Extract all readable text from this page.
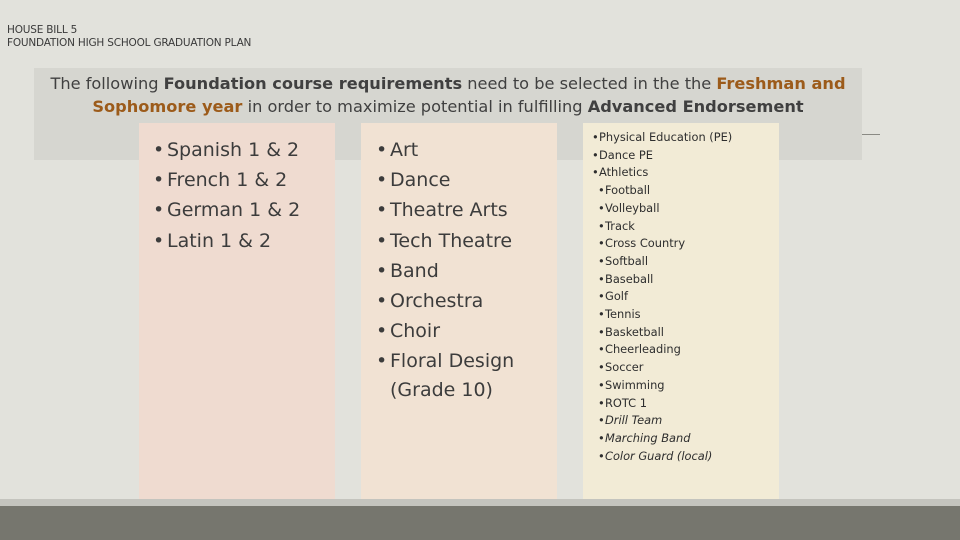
HOUSE BILL 5
FOUNDATION HIGH SCHOOL GRADUATION PLAN
The following Foundation course requirements need to be selected in the the Freshman and
Sophomore year in order to maximize potential in fulfilling Advanced Endorsement
• Spanish 1 & 2
• French 1 & 2
• German 1 & 2
• Latin 1 & 2
• Art
• Dance
• Theatre Arts
• Tech Theatre
• Band
• Orchestra
• Choir
• Floral Design
(Grade 10)
• Physical Education (PE)
• Dance PE
• Athletics
• Football
• Volleyball
• Track
• Cross Country
• Softball
• Baseball
• Golf
• Tennis
• Basketball
• Cheerleading
• Soccer
• Swimming
• ROTC 1
• Drill Team
• Marching Band
• Color Guard (local)
